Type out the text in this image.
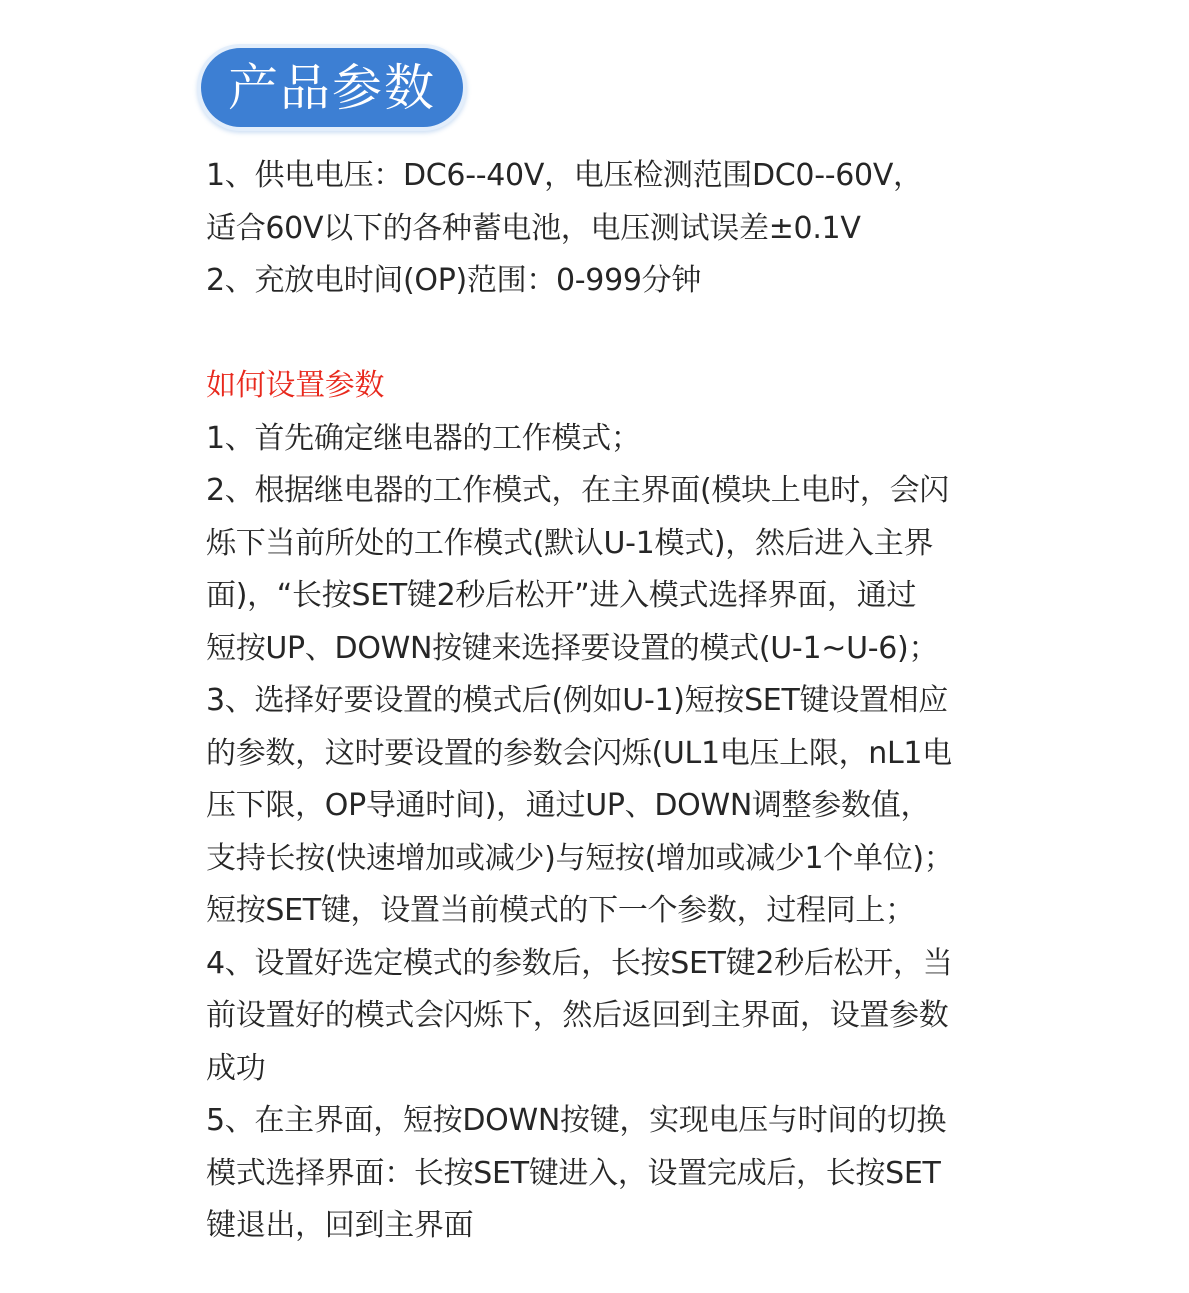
产品参数
1、供电电压：DC6--40V，电压检测范围DC0--60V，
适合60V以下的各种蓄电池，电压测试误差±0.1V
2、充放电时间(OP)范围：0-999分钟
如何设置参数
1、首先确定继电器的工作模式；
2、根据继电器的工作模式，在主界面(模块上电时，会闪
烁下当前所处的工作模式(默认U-1模式)，然后进入主界
面)，“长按SET键2秒后松开”进入模式选择界面，通过
短按UP、DOWN按键来选择要设置的模式(U-1~U-6)；
3、选择好要设置的模式后(例如U-1)短按SET键设置相应
的参数，这时要设置的参数会闪烁(UL1电压上限，nL1电
压下限，OP导通时间)，通过UP、DOWN调整参数值，
支持长按(快速增加或减少)与短按(增加或减少1个单位)；
短按SET键，设置当前模式的下一个参数，过程同上；
4、设置好选定模式的参数后，长按SET键2秒后松开，当
前设置好的模式会闪烁下，然后返回到主界面，设置参数
成功
5、在主界面，短按DOWN按键，实现电压与时间的切换
模式选择界面：长按SET键进入，设置完成后，长按SET
键退出，回到主界面
